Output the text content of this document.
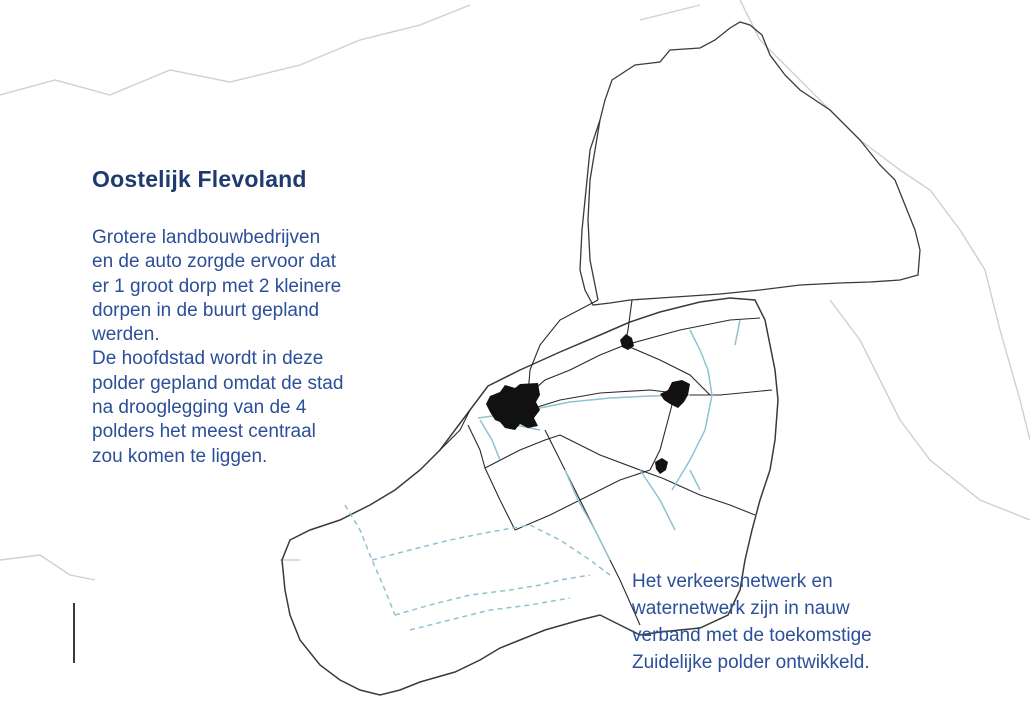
Oostelijk Flevoland
Grotere landbouwbedrijven
en de auto zorgde ervoor dat
er 1 groot dorp met 2 kleinere
dorpen in de buurt gepland
werden.
De hoofdstad wordt in deze
polder gepland omdat de stad
na drooglegging van de 4
polders het meest centraal
zou komen te liggen.
Het verkeersnetwerk en
waternetwerk zijn in nauw
verband met de toekomstige
Zuidelijke polder ontwikkeld.
